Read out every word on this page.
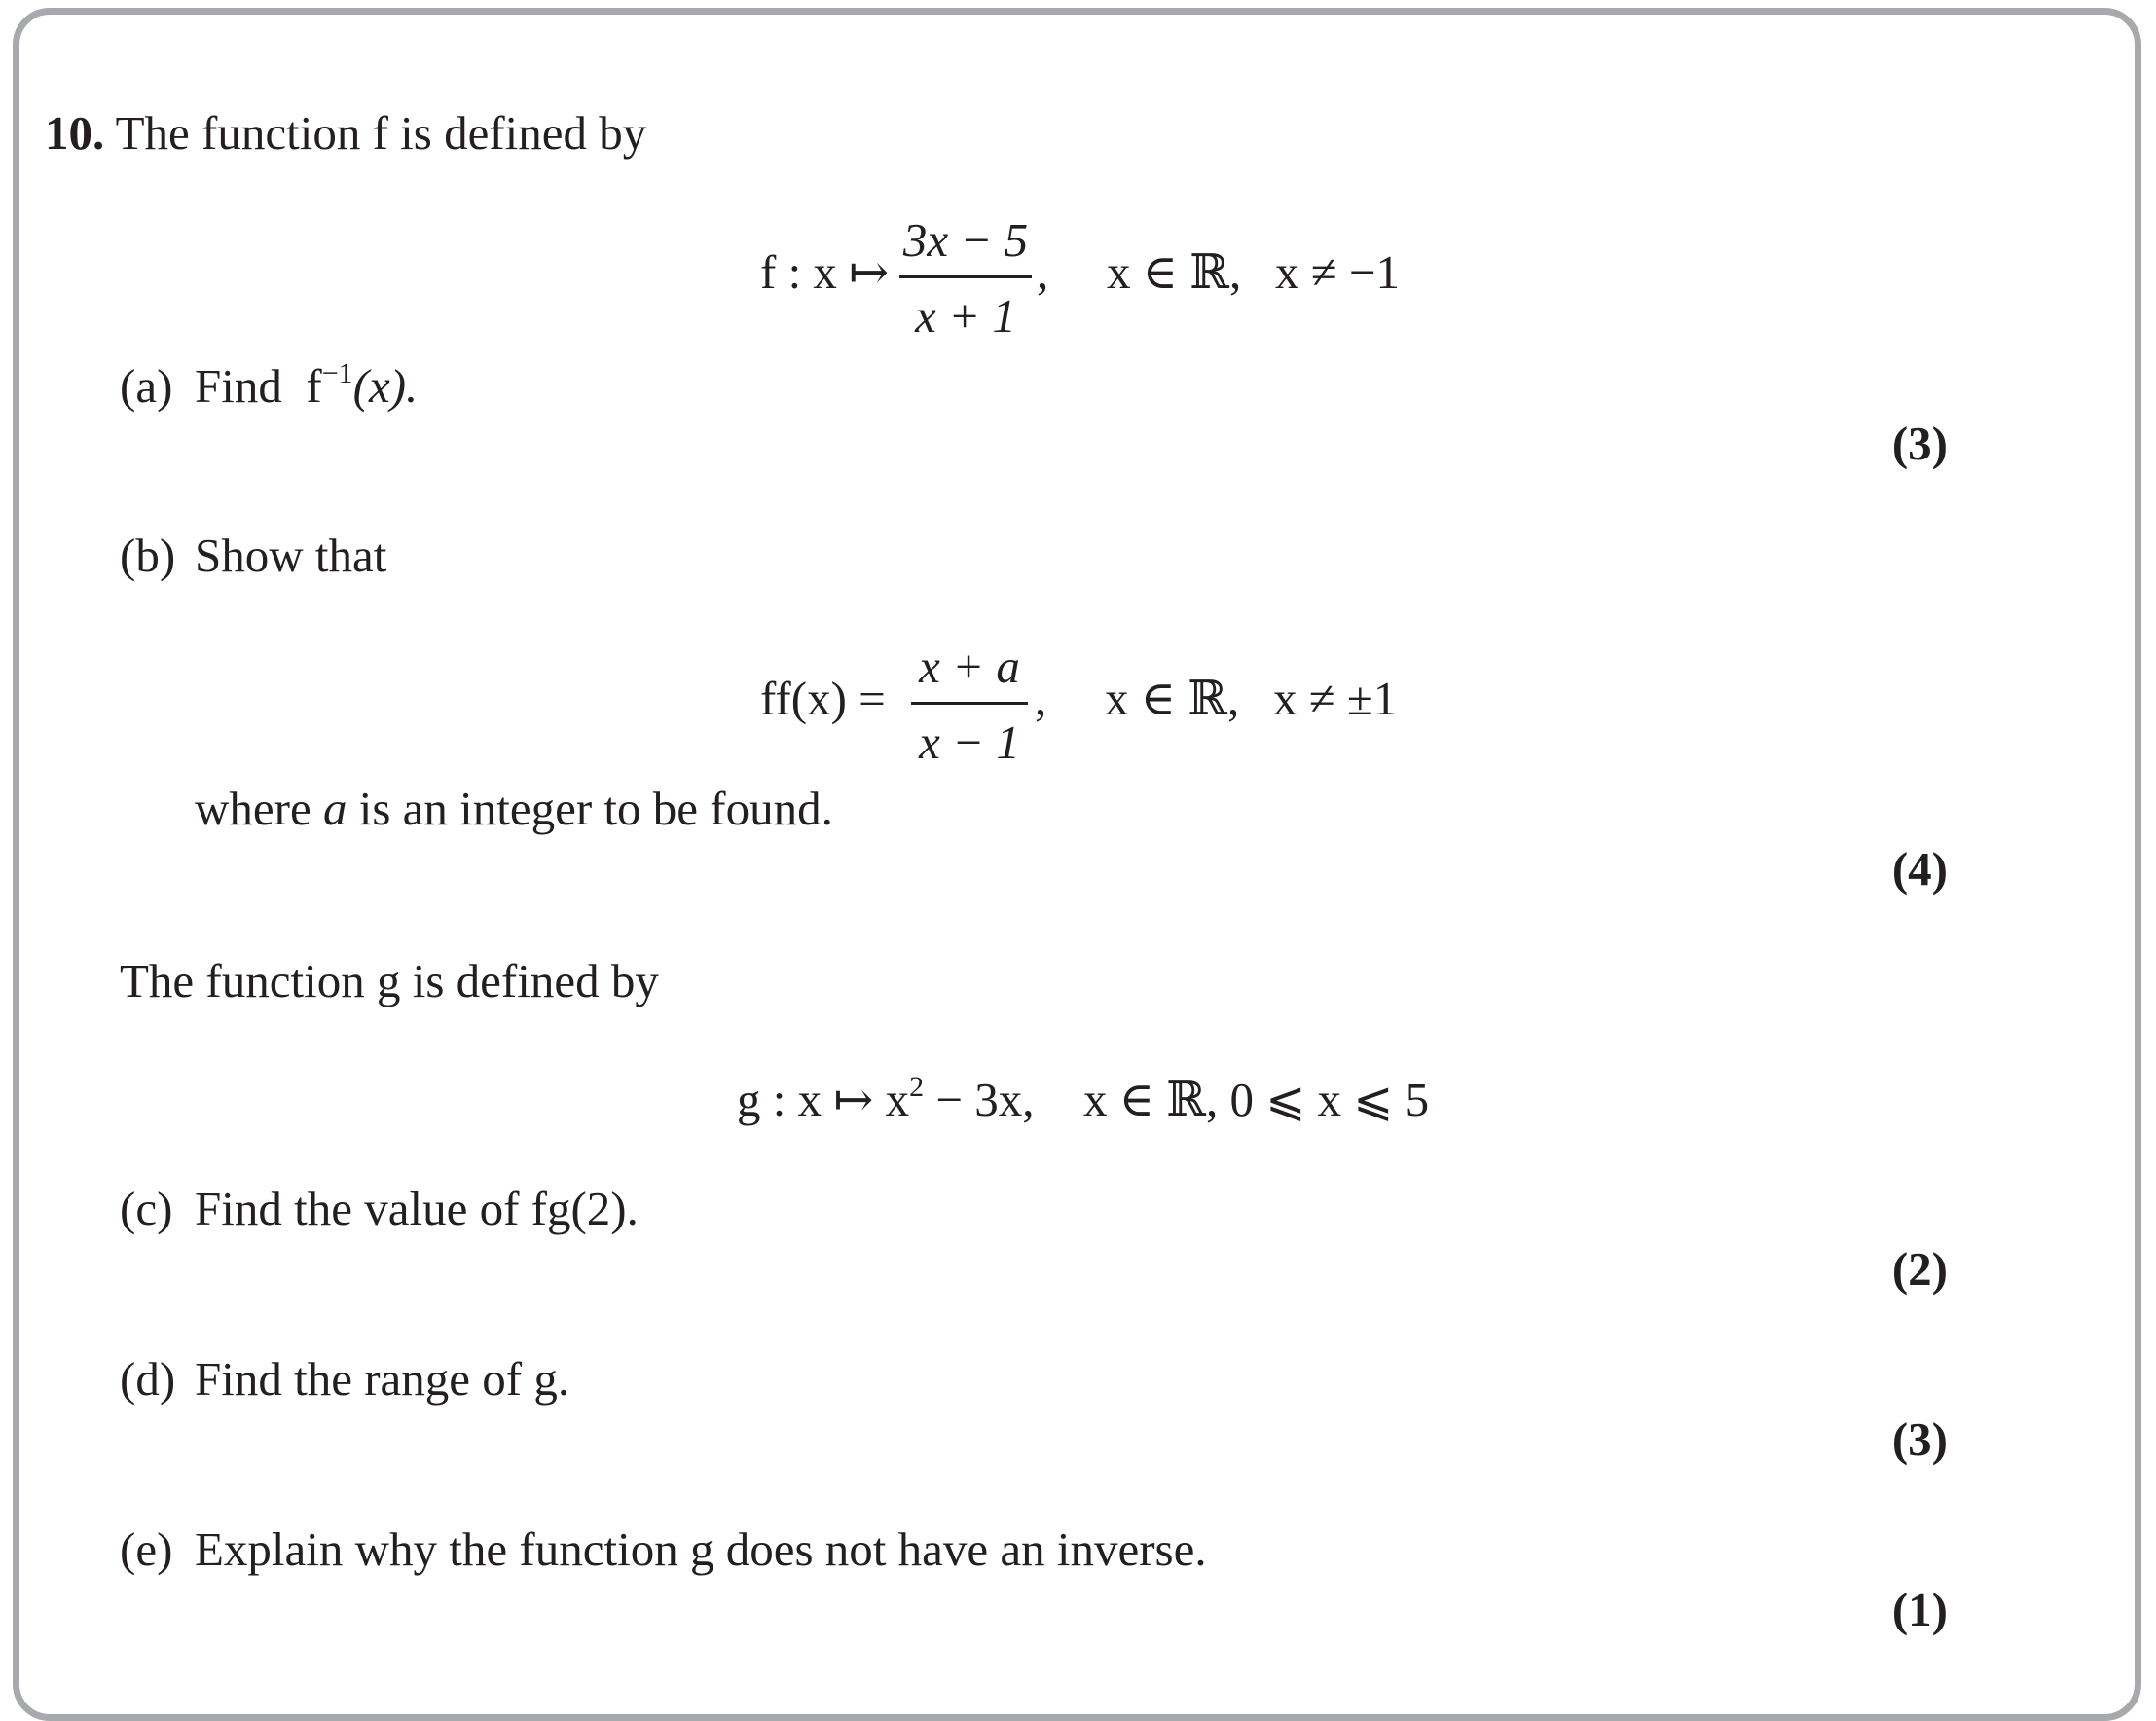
10. The function f is defined by
f : x ↦
3x − 5
x + 1
, x ∈ ℝ, x ≠ −1
(a) Find $f^{-1}(x)$.
(3)
(b) Show that
ff(x) =
x + a
x − 1
, x ∈ ℝ, x ≠ ±1
where a is an integer to be found.
(4)
The function g is defined by
g : x ↦ $x^2 - 3x$, x ∈ ℝ, 0 ⩽ x ⩽ 5
(c) Find the value of fg(2).
(2)
(d) Find the range of g.
(3)
(e) Explain why the function g does not have an inverse.
(1)
